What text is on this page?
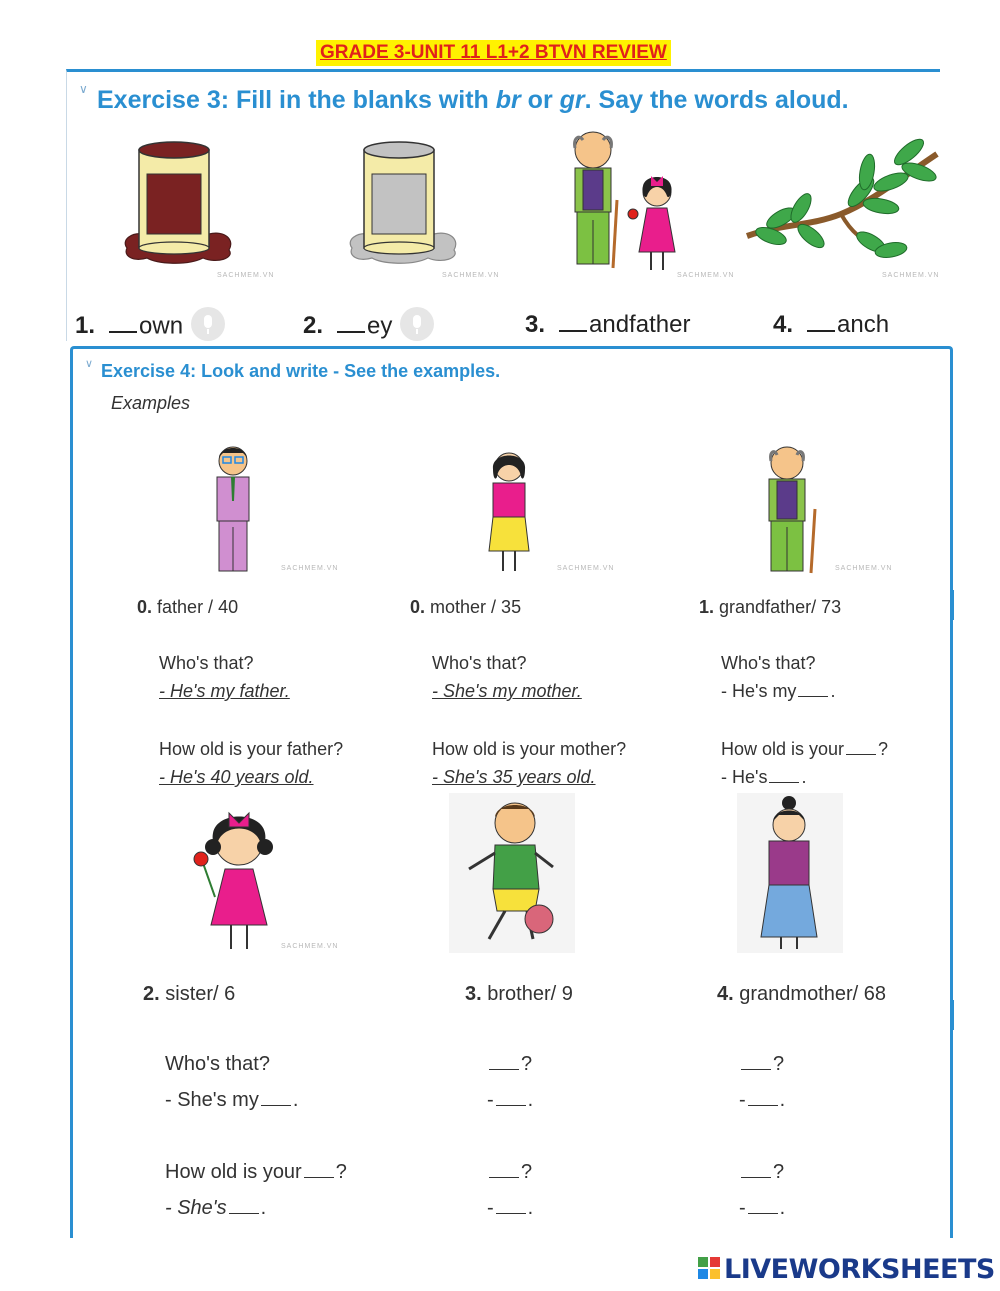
GRADE 3-UNIT 11 L1+2 BTVN REVIEW
∨ Exercise 3: Fill in the blanks with br or gr. Say the words aloud.
SACHMEM.VN	SACHMEM.VN	SACHMEM.VN	SACHMEM.VN
1. own	2. ey	3. andfather	4. anch
∨ Exercise 4: Look and write - See the examples.
Examples
SACHMEM.VN	SACHMEM.VN	SACHMEM.VN
0. father / 40
Who's that?
- He's my father.
How old is your father?
- He's 40 years old.
0. mother / 35
Who's that?
- She's my mother.
How old is your mother?
- She's 35 years old.
1. grandfather/ 73
Who's that?
- He's my .
How old is your ?
- He's .
SACHMEM.VN
2. sister/ 6	3. brother/ 9	4. grandmother/ 68
Who's that?
- She's my .
How old is your ?
- She's .
?
- .
?
- .
?
- .
?
- .
LIVEWORKSHEETS
